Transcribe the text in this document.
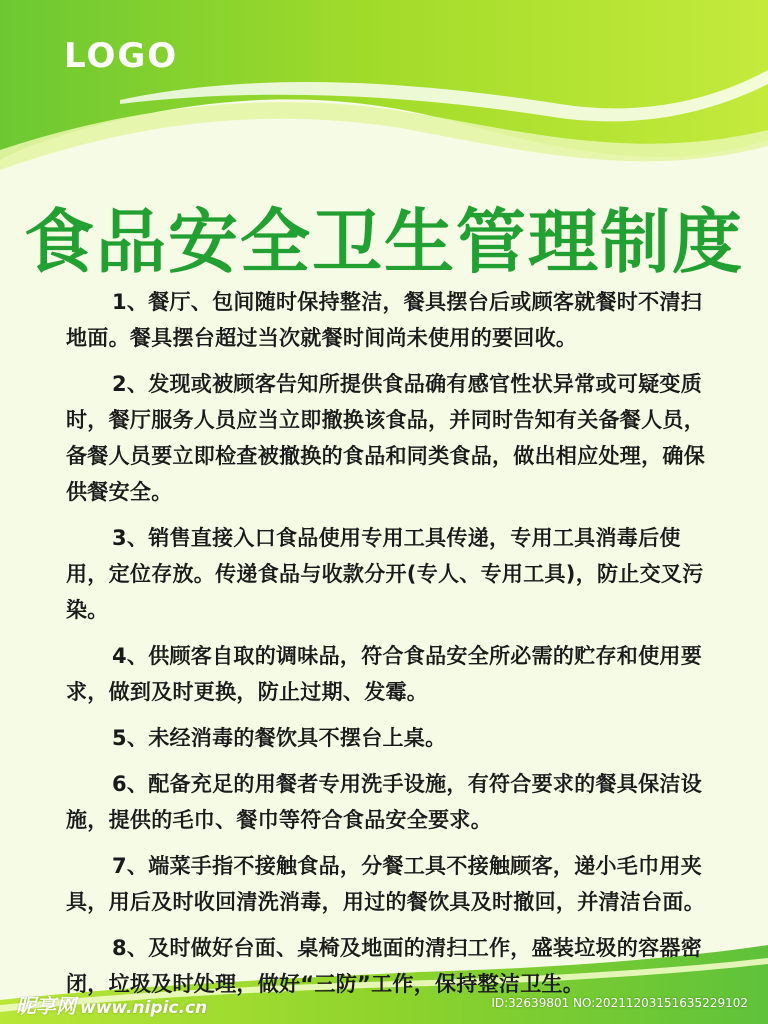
LOGO
食品安全卫生管理制度
1、餐厅、包间随时保持整洁，餐具摆台后或顾客就餐时不清扫地面。餐具摆台超过当次就餐时间尚未使用的要回收。
2、发现或被顾客告知所提供食品确有感官性状异常或可疑变质时，餐厅服务人员应当立即撤换该食品，并同时告知有关备餐人员，备餐人员要立即检查被撤换的食品和同类食品，做出相应处理，确保供餐安全。
3、销售直接入口食品使用专用工具传递，专用工具消毒后使用，定位存放。传递食品与收款分开(专人、专用工具)，防止交叉污染。
4、供顾客自取的调味品，符合食品安全所必需的贮存和使用要求，做到及时更换，防止过期、发霉。
5、未经消毒的餐饮具不摆台上桌。
6、配备充足的用餐者专用洗手设施，有符合要求的餐具保洁设施，提供的毛巾、餐巾等符合食品安全要求。
7、端菜手指不接触食品，分餐工具不接触顾客，递小毛巾用夹具，用后及时收回清洗消毒，用过的餐饮具及时撤回，并清洁台面。
8、及时做好台面、桌椅及地面的清扫工作，盛装垃圾的容器密闭，垃圾及时处理，做好“三防”工作，保持整洁卫生。
昵享网 www.nipic.cn	ID:32639801 NO:20211203151635229102
